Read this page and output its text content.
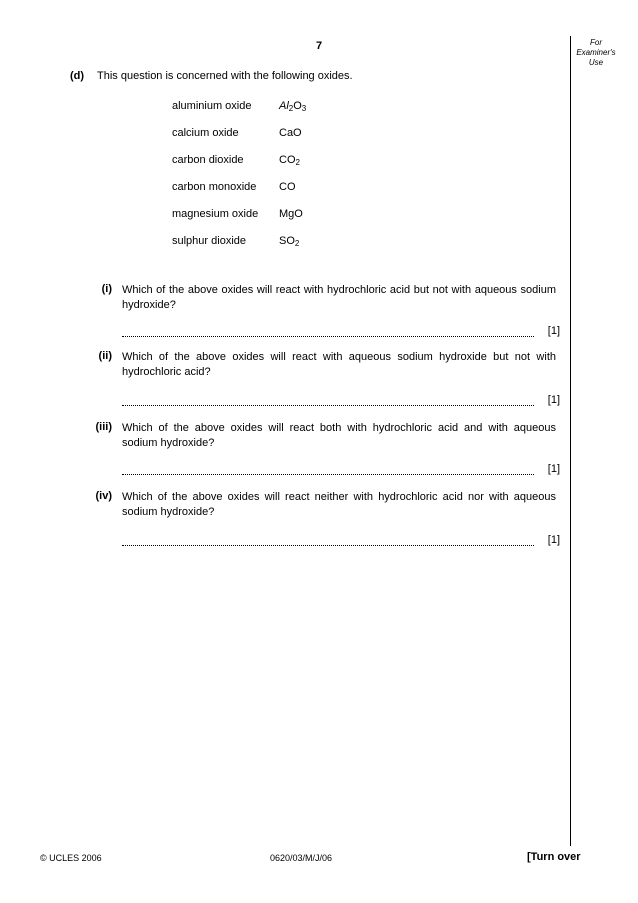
7	For
Examiner's
Use
(d) This question is concerned with the following oxides.
aluminium oxide	$Al_2O_3$
calcium oxide	CaO
carbon dioxide	$CO_2$
carbon monoxide CO
magnesium oxide MgO
sulphur dioxide	$SO_2$
(i) Which of the above oxides will react with hydrochloric acid but not with aqueous sodium hydroxide?
[1]
(ii) Which of the above oxides will react with aqueous sodium hydroxide but not with hydrochloric acid?
[1]
(iii) Which of the above oxides will react both with hydrochloric acid and with aqueous sodium hydroxide?
[1]
(iv) Which of the above oxides will react neither with hydrochloric acid nor with aqueous sodium hydroxide?
[1]
© UCLES 2006	0620/03/M/J/06	[Turn over
